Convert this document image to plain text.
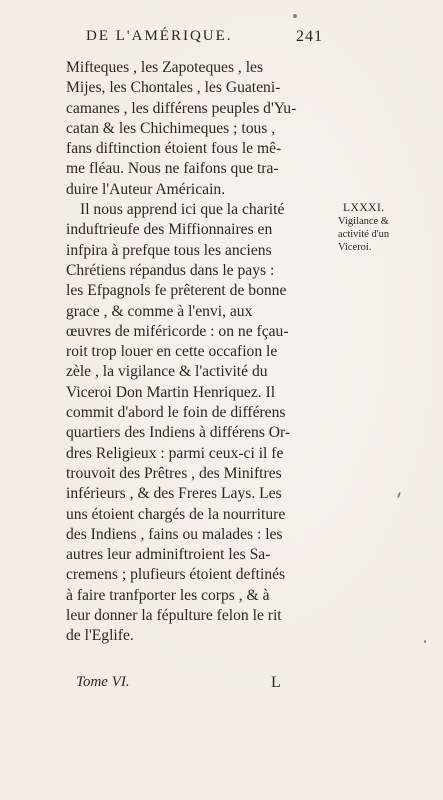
DE L'AMÉRIQUE.	241
Mifteques , les Zapoteques , les
Mijes, les Chontales , les Guateni-
camanes , les différens peuples d'Yu-
catan & les Chichimeques ; tous ,
fans diftinction étoient fous le mê-
me fléau. Nous ne faifons que tra-
duire l'Auteur Américain.
Il nous apprend ici que la charité
induftrieufe des Miffionnaires en
infpira à prefque tous les anciens
Chrétiens répandus dans le pays :
les Efpagnols fe prêterent de bonne
grace , & comme à l'envi, aux
œuvres de miféricorde : on ne fçau-
roit trop louer en cette occafion le
zèle , la vigilance & l'activité du
Viceroi Don Martin Henriquez. Il
commit d'abord le foin de différens
quartiers des Indiens à différens Or-
dres Religieux : parmi ceux-ci il fe
trouvoit des Prêtres , des Miniftres
inférieurs , & des Freres Lays. Les
uns étoient chargés de la nourriture
des Indiens , fains ou malades : les
autres leur adminiftroient les Sa-
cremens ; plufieurs étoient deftinés
à faire tranfporter les corps , & à
leur donner la fépulture felon le rit
de l'Eglife.
LXXXI.
Vigilance &
activité d'un
Viceroi.
Tome VI.	L
